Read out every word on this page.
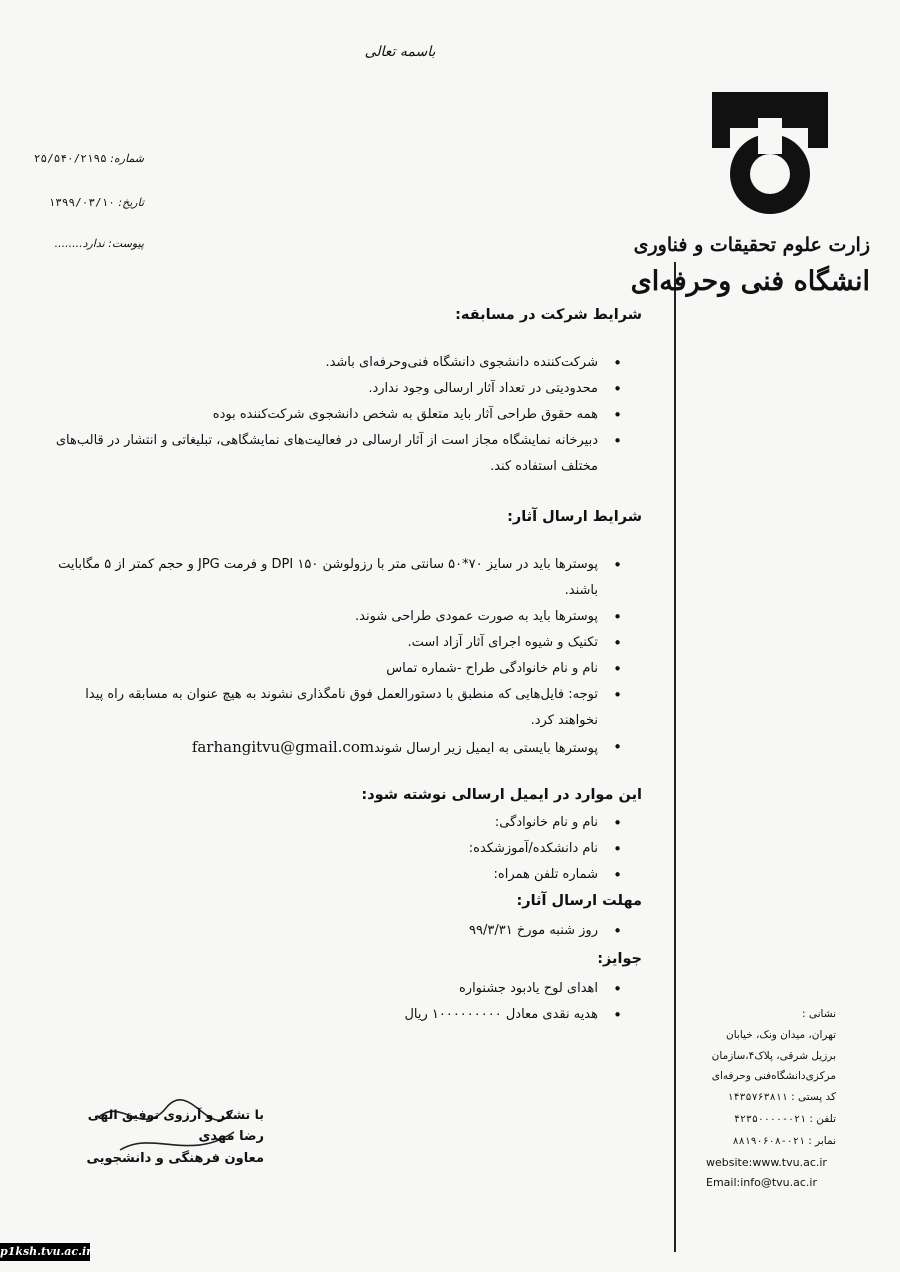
باسمه تعالی
زارت علوم تحقیقات و فناوری
انشگاه فنی وحرفه‌ای
شماره: ۲۵/۵۴۰/۲۱۹۵
تاریخ: ۱۳۹۹/۰۳/۱۰
پیوست: ندارد........
شرایط شرکت در مسابقه:
• شرکت‌کننده دانشجوی دانشگاه فنی‌وحرفه‌ای باشد.
• محدودیتی در تعداد آثار ارسالی وجود ندارد.
• همه حقوق طراحی آثار باید متعلق به شخص دانشجوی شرکت‌کننده بوده
• دبیرخانه نمایشگاه مجاز است از آثار ارسالی در فعالیت‌های نمایشگاهی، تبلیغاتی و انتشار در قالب‌های مختلف استفاده کند.
شرایط ارسال آثار:
• پوسترها باید در سایز ۷۰*۵۰ سانتی متر با رزولوشن ۱۵۰ DPI و فرمت JPG و حجم کمتر از ۵ مگابایت باشند.
• پوسترها باید به صورت عمودی طراحی شوند.
• تکنیک و شیوه اجرای آثار آزاد است.
• نام و نام خانوادگی طراح -شماره تماس
• توجه: فایل‌هایی که منطبق با دستورالعمل فوق نامگذاری نشوند به هیچ عنوان به مسابقه راه پیدا نخواهند کرد.
• پوسترها بایستی به ایمیل زیر ارسال شوندfarhangitvu@gmail.com
این موارد در ایمیل ارسالی نوشته شود:
• نام و نام خانوادگی:
• نام دانشکده/آموزشکده:
• شماره تلفن همراه:
مهلت ارسال آثار:
• روز شنبه مورخ ۹۹/۳/۳۱
جوایز:
• اهدای لوح یادبود جشنواره
• هدیه نقدی معادل ۱۰۰۰۰۰۰۰۰۰ ریال	نشانی :
تهران، میدان ونک، خیابان
برزیل شرقی، پلاک۴،سازمان
مرکزی‌دانشگاه‌فنی وحرفه‌ای
کد پستی : ۱۴۳۵۷۶۳۸۱۱
تلفن : ۰۲۱-۴۲۳۵۰۰۰۰
نمابر : ۰۲۱-۸۸۱۹۰۶۰۸
website:www.tvu.ac.ir
Email:info@tvu.ac.ir
با تشکر و آرزوی توفیق الهی
رضا مهدی
معاون فرهنگی و دانشجویی
p1ksh.tvu.ac.ir
